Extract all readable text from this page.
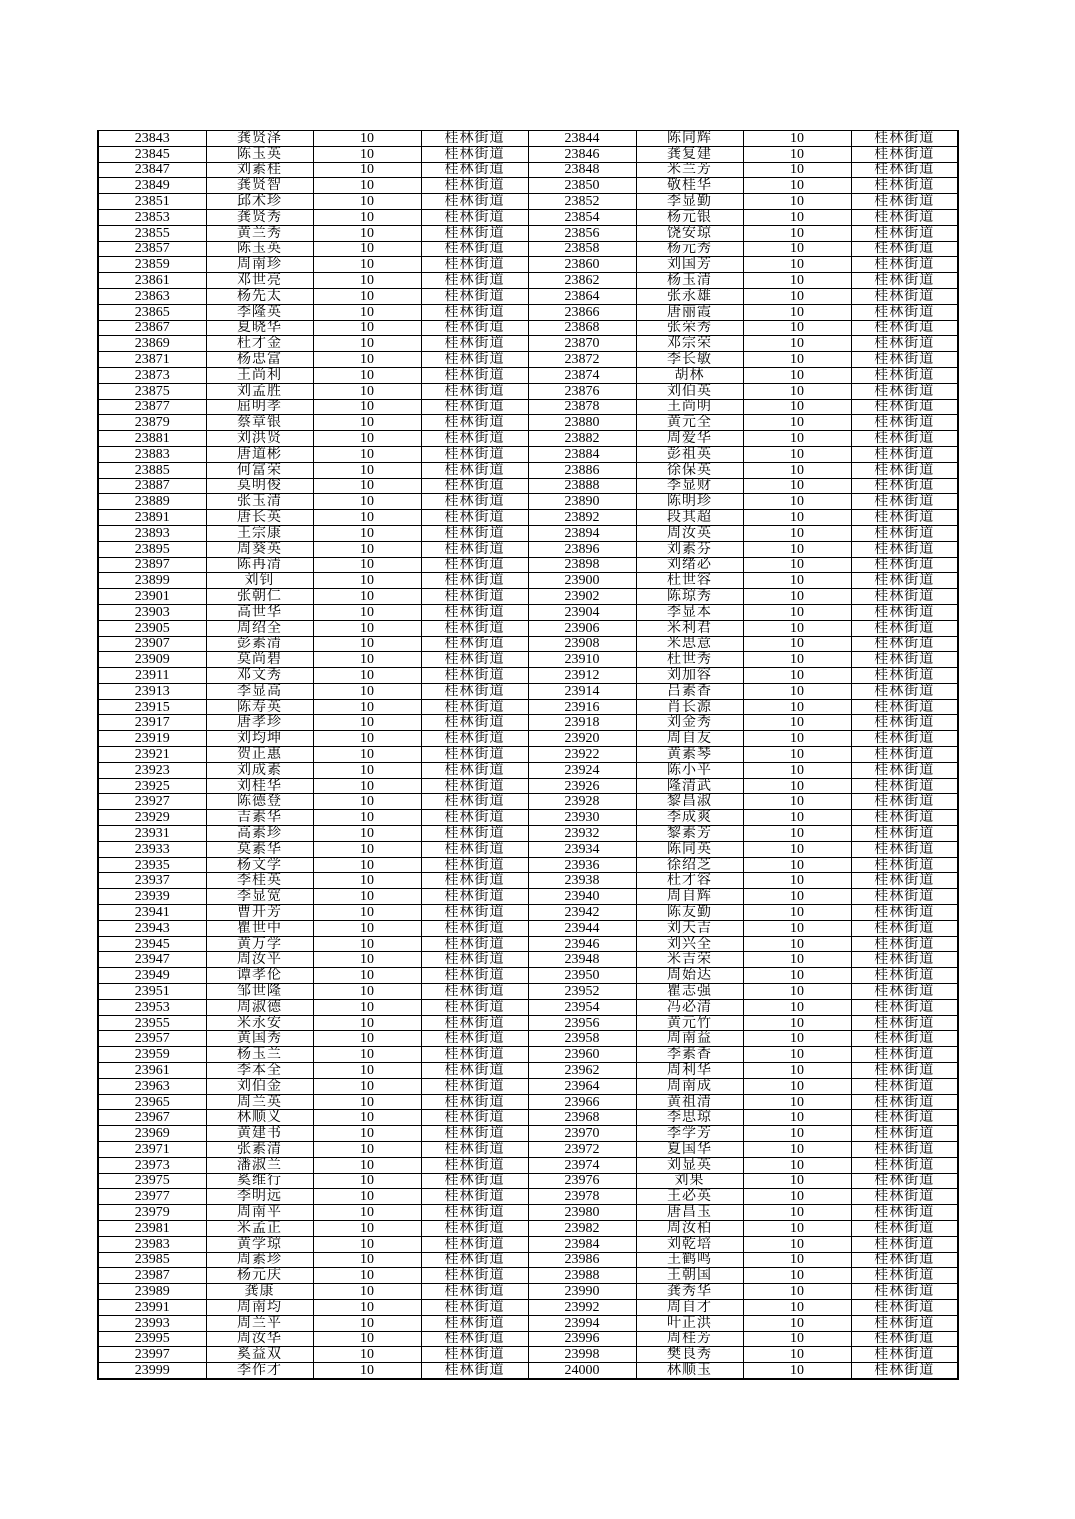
23843	龚贤泽	10	桂林街道	23844	陈同辉	10	桂林街道
23845	陈玉英	10	桂林街道	23846	龚复建	10	桂林街道
23847	刘素桂	10	桂林街道	23848	米兰芳	10	桂林街道
23849	龚贤智	10	桂林街道	23850	敬桂华	10	桂林街道
23851	邱术珍	10	桂林街道	23852	李显勤	10	桂林街道
23853	龚贤秀	10	桂林街道	23854	杨元银	10	桂林街道
23855	黄兰秀	10	桂林街道	23856	饶安琼	10	桂林街道
23857	陈玉英	10	桂林街道	23858	杨元秀	10	桂林街道
23859	周南珍	10	桂林街道	23860	刘国芳	10	桂林街道
23861	邓世亮	10	桂林街道	23862	杨玉清	10	桂林街道
23863	杨先太	10	桂林街道	23864	张永雄	10	桂林街道
23865	李隆英	10	桂林街道	23866	唐丽霞	10	桂林街道
23867	夏晓华	10	桂林街道	23868	张荣秀	10	桂林街道
23869	杜才金	10	桂林街道	23870	邓宗荣	10	桂林街道
23871	杨忠富	10	桂林街道	23872	李长敏	10	桂林街道
23873	王尚利	10	桂林街道	23874	胡林	10	桂林街道
23875	刘孟胜	10	桂林街道	23876	刘伯英	10	桂林街道
23877	屈明孝	10	桂林街道	23878	王尚明	10	桂林街道
23879	蔡章银	10	桂林街道	23880	黄元全	10	桂林街道
23881	刘洪贤	10	桂林街道	23882	周爱华	10	桂林街道
23883	唐道彬	10	桂林街道	23884	彭祖英	10	桂林街道
23885	何富荣	10	桂林街道	23886	徐保英	10	桂林街道
23887	莫明俊	10	桂林街道	23888	李显财	10	桂林街道
23889	张玉清	10	桂林街道	23890	陈明珍	10	桂林街道
23891	唐长英	10	桂林街道	23892	段其超	10	桂林街道
23893	王宗康	10	桂林街道	23894	周汝英	10	桂林街道
23895	周葵英	10	桂林街道	23896	刘素芬	10	桂林街道
23897	陈再清	10	桂林街道	23898	刘绪必	10	桂林街道
23899	刘钊	10	桂林街道	23900	杜世容	10	桂林街道
23901	张朝仁	10	桂林街道	23902	陈琼秀	10	桂林街道
23903	高世华	10	桂林街道	23904	李显本	10	桂林街道
23905	周绍全	10	桂林街道	23906	米利君	10	桂林街道
23907	彭素清	10	桂林街道	23908	米思意	10	桂林街道
23909	莫尚碧	10	桂林街道	23910	杜世秀	10	桂林街道
23911	邓文秀	10	桂林街道	23912	刘加容	10	桂林街道
23913	李显高	10	桂林街道	23914	吕素香	10	桂林街道
23915	陈寿英	10	桂林街道	23916	肖长源	10	桂林街道
23917	唐孝珍	10	桂林街道	23918	刘金秀	10	桂林街道
23919	刘均坤	10	桂林街道	23920	周自友	10	桂林街道
23921	贺正惠	10	桂林街道	23922	黄素琴	10	桂林街道
23923	刘成素	10	桂林街道	23924	陈小平	10	桂林街道
23925	刘桂华	10	桂林街道	23926	隆清武	10	桂林街道
23927	陈德登	10	桂林街道	23928	黎昌淑	10	桂林街道
23929	吉素华	10	桂林街道	23930	李成爽	10	桂林街道
23931	高素珍	10	桂林街道	23932	黎素芳	10	桂林街道
23933	莫素华	10	桂林街道	23934	陈同英	10	桂林街道
23935	杨文学	10	桂林街道	23936	徐绍芝	10	桂林街道
23937	李桂英	10	桂林街道	23938	杜才容	10	桂林街道
23939	李显宽	10	桂林街道	23940	周自辉	10	桂林街道
23941	曹开芳	10	桂林街道	23942	陈友勤	10	桂林街道
23943	瞿世中	10	桂林街道	23944	刘天吉	10	桂林街道
23945	黄万学	10	桂林街道	23946	刘兴全	10	桂林街道
23947	周汝平	10	桂林街道	23948	米吉荣	10	桂林街道
23949	谭孝伦	10	桂林街道	23950	周始达	10	桂林街道
23951	邹世隆	10	桂林街道	23952	瞿志强	10	桂林街道
23953	周淑德	10	桂林街道	23954	冯必清	10	桂林街道
23955	米永安	10	桂林街道	23956	黄元竹	10	桂林街道
23957	黄国秀	10	桂林街道	23958	周南益	10	桂林街道
23959	杨玉兰	10	桂林街道	23960	李素香	10	桂林街道
23961	李本全	10	桂林街道	23962	周利华	10	桂林街道
23963	刘伯金	10	桂林街道	23964	周南成	10	桂林街道
23965	周兰英	10	桂林街道	23966	黄祖清	10	桂林街道
23967	林顺义	10	桂林街道	23968	李思琼	10	桂林街道
23969	黄建书	10	桂林街道	23970	李学芳	10	桂林街道
23971	张素清	10	桂林街道	23972	夏国华	10	桂林街道
23973	潘淑兰	10	桂林街道	23974	刘显英	10	桂林街道
23975	奚维行	10	桂林街道	23976	刘果	10	桂林街道
23977	李明远	10	桂林街道	23978	王必英	10	桂林街道
23979	周南平	10	桂林街道	23980	唐昌玉	10	桂林街道
23981	米孟正	10	桂林街道	23982	周汝柏	10	桂林街道
23983	黄学琼	10	桂林街道	23984	刘乾培	10	桂林街道
23985	周素珍	10	桂林街道	23986	王鹤鸣	10	桂林街道
23987	杨元庆	10	桂林街道	23988	王朝国	10	桂林街道
23989	龚康	10	桂林街道	23990	龚秀华	10	桂林街道
23991	周南均	10	桂林街道	23992	周自才	10	桂林街道
23993	周兰平	10	桂林街道	23994	叶正洪	10	桂林街道
23995	周汝华	10	桂林街道	23996	周桂芳	10	桂林街道
23997	奚益双	10	桂林街道	23998	樊良秀	10	桂林街道
23999	李作才	10	桂林街道	24000	林顺玉	10	桂林街道
